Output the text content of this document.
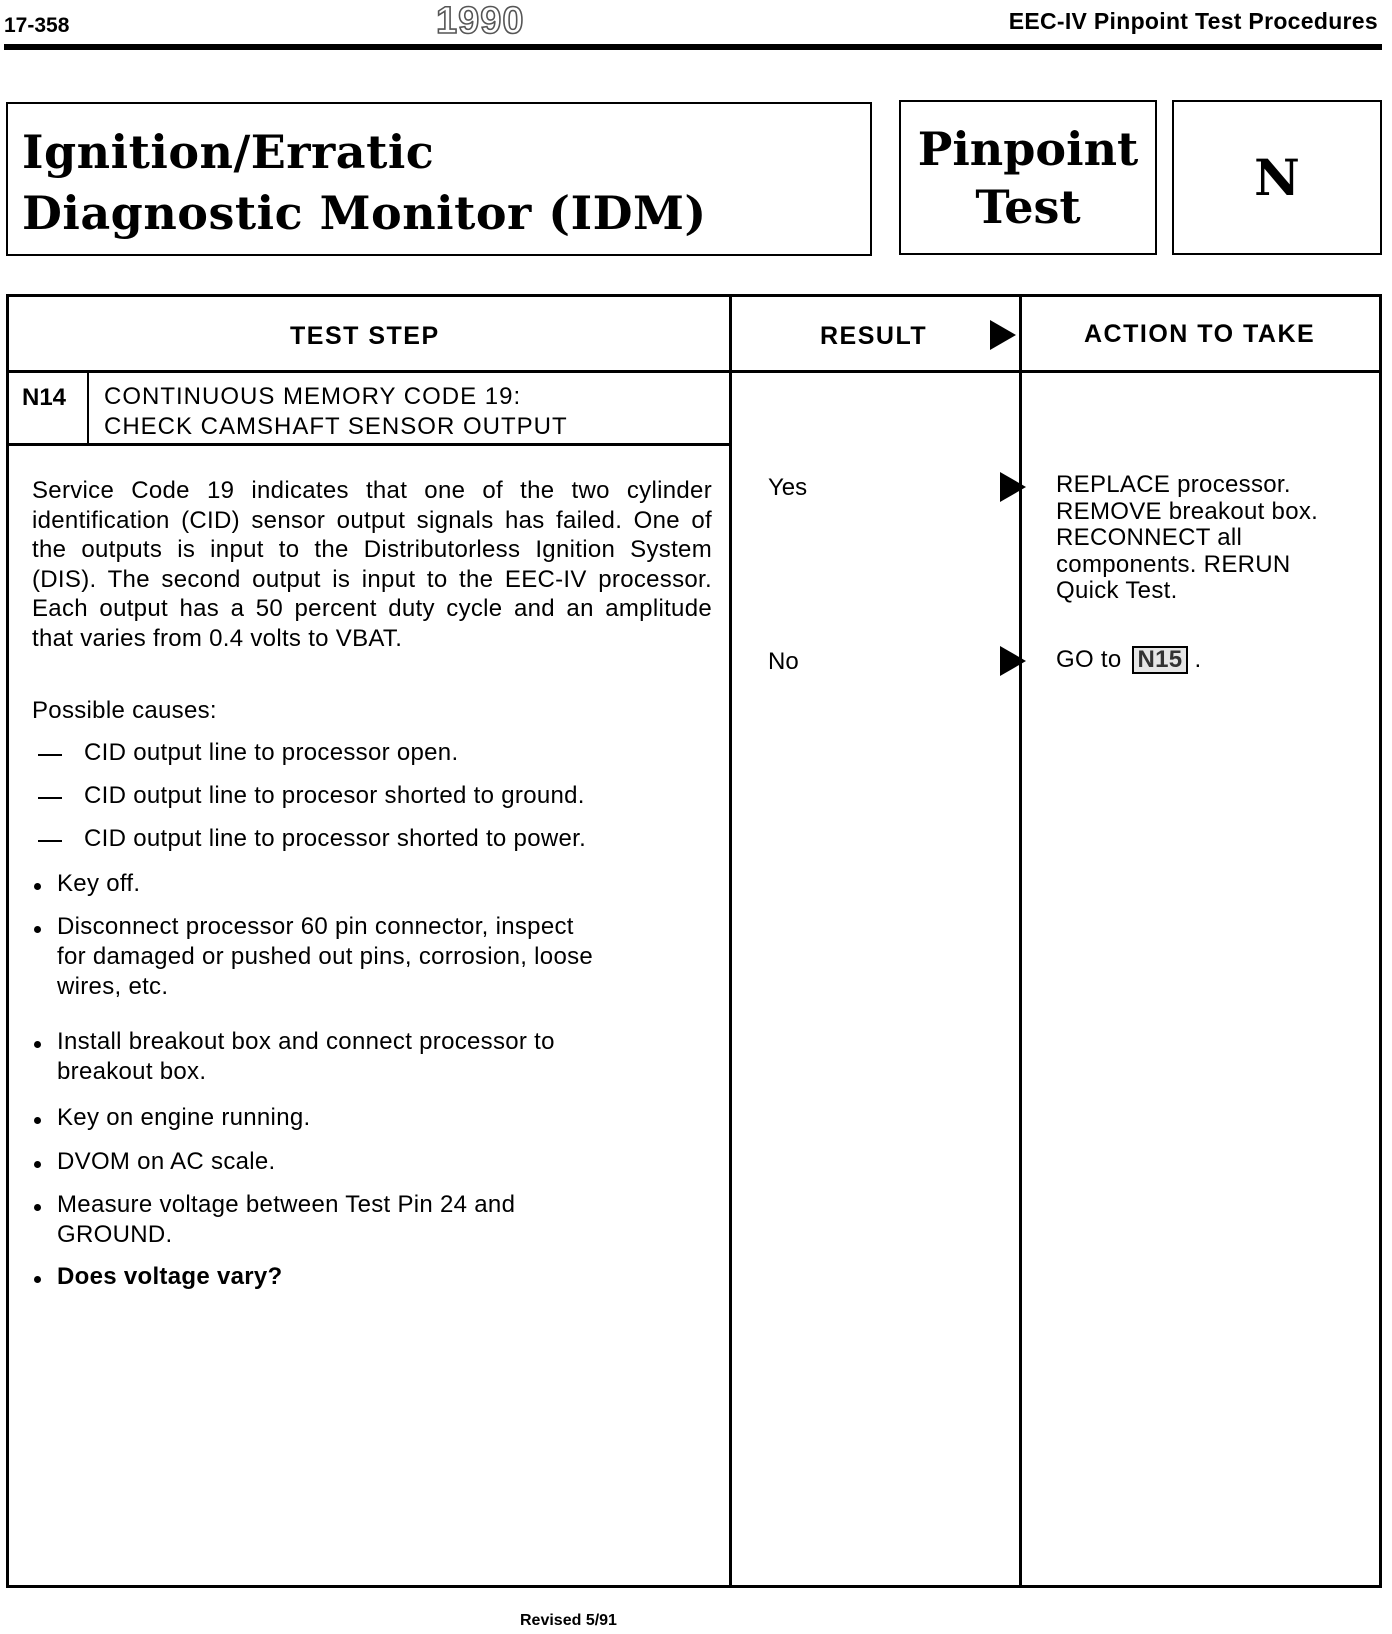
17-358	1990	EEC-IV Pinpoint Test Procedures
Ignition/Erratic
Diagnostic Monitor (IDM)
Pinpoint
Test	N
TEST STEP	RESULT	ACTION TO TAKE
N14 CONTINUOUS MEMORY CODE 19:
CHECK CAMSHAFT SENSOR OUTPUT
Service Code 19 indicates that one of the two cylinder identification (CID) sensor output signals has failed. One of the outputs is input to the Distributorless Ignition System (DIS). The second output is input to the EEC-IV processor. Each output has a 50 percent duty cycle and an amplitude that varies from 0.4 volts to VBAT.
Possible causes:
CID output line to processor open.
CID output line to procesor shorted to ground.
CID output line to processor shorted to power.
Key off.
Disconnect processor 60 pin connector, inspect
for damaged or pushed out pins, corrosion, loose
wires, etc.
Install breakout box and connect processor to
breakout box.
Key on engine running.
DVOM on AC scale.
Measure voltage between Test Pin 24 and
GROUND.
Does voltage vary?
Yes	REPLACE processor.
REMOVE breakout box.
RECONNECT all
components. RERUN
Quick Test.
No	GO to N15 .
Revised 5/91
